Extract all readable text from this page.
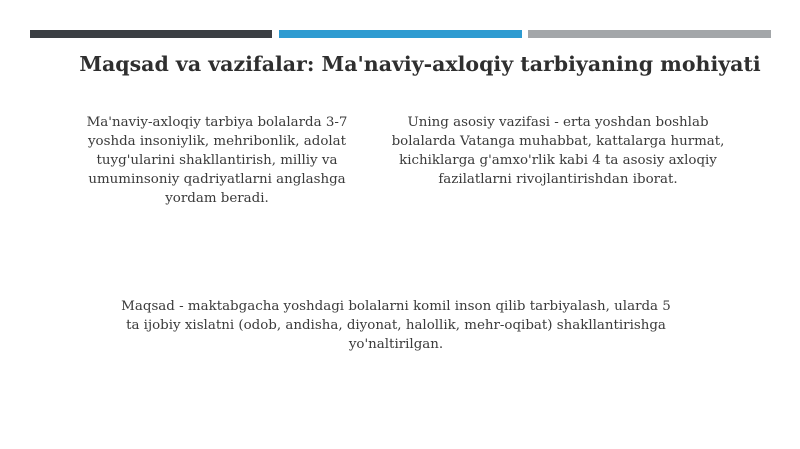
Maqsad va vazifalar: Ma'naviy-axloqiy tarbiyaning mohiyati
Ma'naviy-axloqiy tarbiya bolalarda 3-7 yoshda insoniylik, mehribonlik, adolat tuyg'ularini shakllantirish, milliy va umuminsoniy qadriyatlarni anglashga yordam beradi.
Uning asosiy vazifasi - erta yoshdan boshlab bolalarda Vatanga muhabbat, kattalarga hurmat, kichiklarga g'amxo'rlik kabi 4 ta asosiy axloqiy fazilatlarni rivojlantirishdan iborat.
Maqsad - maktabgacha yoshdagi bolalarni komil inson qilib tarbiyalash, ularda 5 ta ijobiy xislatni (odob, andisha, diyonat, halollik, mehr-oqibat) shakllantirishga yo'naltirilgan.
